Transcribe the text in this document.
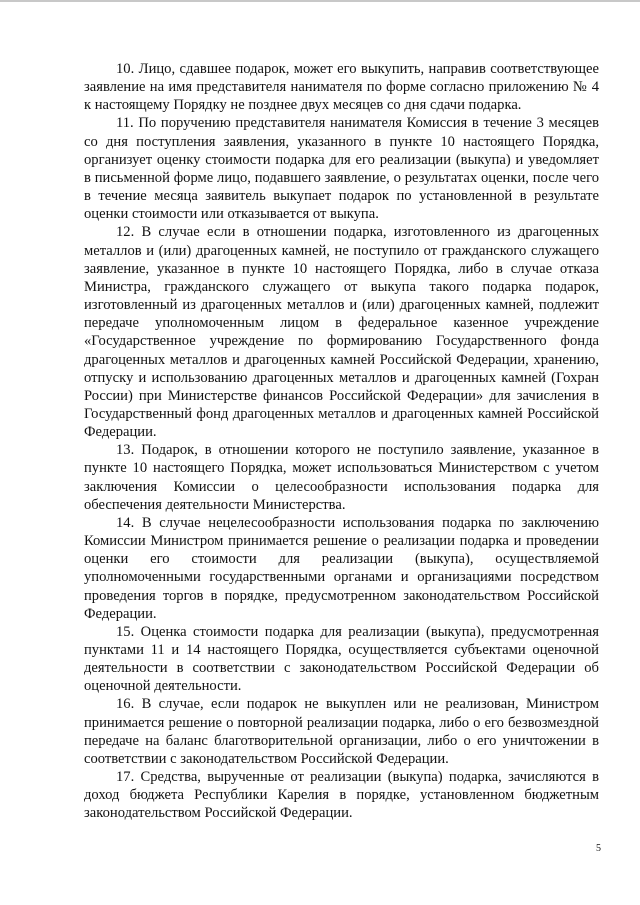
10. Лицо, сдавшее подарок, может его выкупить, направив соответствующее заявление на имя представителя нанимателя по форме согласно приложению № 4 к настоящему Порядку не позднее двух месяцев со дня сдачи подарка.

11. По поручению представителя нанимателя Комиссия в течение 3 месяцев со дня поступления заявления, указанного в пункте 10 настоящего Порядка, организует оценку стоимости подарка для его реализации (выкупа) и уведомляет в письменной форме лицо, подавшего заявление, о результатах оценки, после чего в течение месяца заявитель выкупает подарок по установленной в результате оценки стоимости или отказывается от выкупа.

12. В случае если в отношении подарка, изготовленного из драгоценных металлов и (или) драгоценных камней, не поступило от гражданского служащего заявление, указанное в пункте 10 настоящего Порядка, либо в случае отказа Министра, гражданского служащего от выкупа такого подарка подарок, изготовленный из драгоценных металлов и (или) драгоценных камней, подлежит передаче уполномоченным лицом в федеральное казенное учреждение «Государственное учреждение по формированию Государственного фонда драгоценных металлов и драгоценных камней Российской Федерации, хранению, отпуску и использованию драгоценных металлов и драгоценных камней (Гохран России) при Министерстве финансов Российской Федерации» для зачисления в Государственный фонд драгоценных металлов и драгоценных камней Российской Федерации.

13. Подарок, в отношении которого не поступило заявление, указанное в пункте 10 настоящего Порядка, может использоваться Министерством с учетом заключения Комиссии о целесообразности использования подарка для обеспечения деятельности Министерства.

14. В случае нецелесообразности использования подарка по заключению Комиссии Министром принимается решение о реализации подарка и проведении оценки его стоимости для реализации (выкупа), осуществляемой уполномоченными государственными органами и организациями посредством проведения торгов в порядке, предусмотренном законодательством Российской Федерации.

15. Оценка стоимости подарка для реализации (выкупа), предусмотренная пунктами 11 и 14 настоящего Порядка, осуществляется субъектами оценочной деятельности в соответствии с законодательством Российской Федерации об оценочной деятельности.

16. В случае, если подарок не выкуплен или не реализован, Министром принимается решение о повторной реализации подарка, либо о его безвозмездной передаче на баланс благотворительной организации, либо о его уничтожении в соответствии с законодательством Российской Федерации.

17. Средства, вырученные от реализации (выкупа) подарка, зачисляются в доход бюджета Республики Карелия в порядке, установленном бюджетным законодательством Российской Федерации.

5
